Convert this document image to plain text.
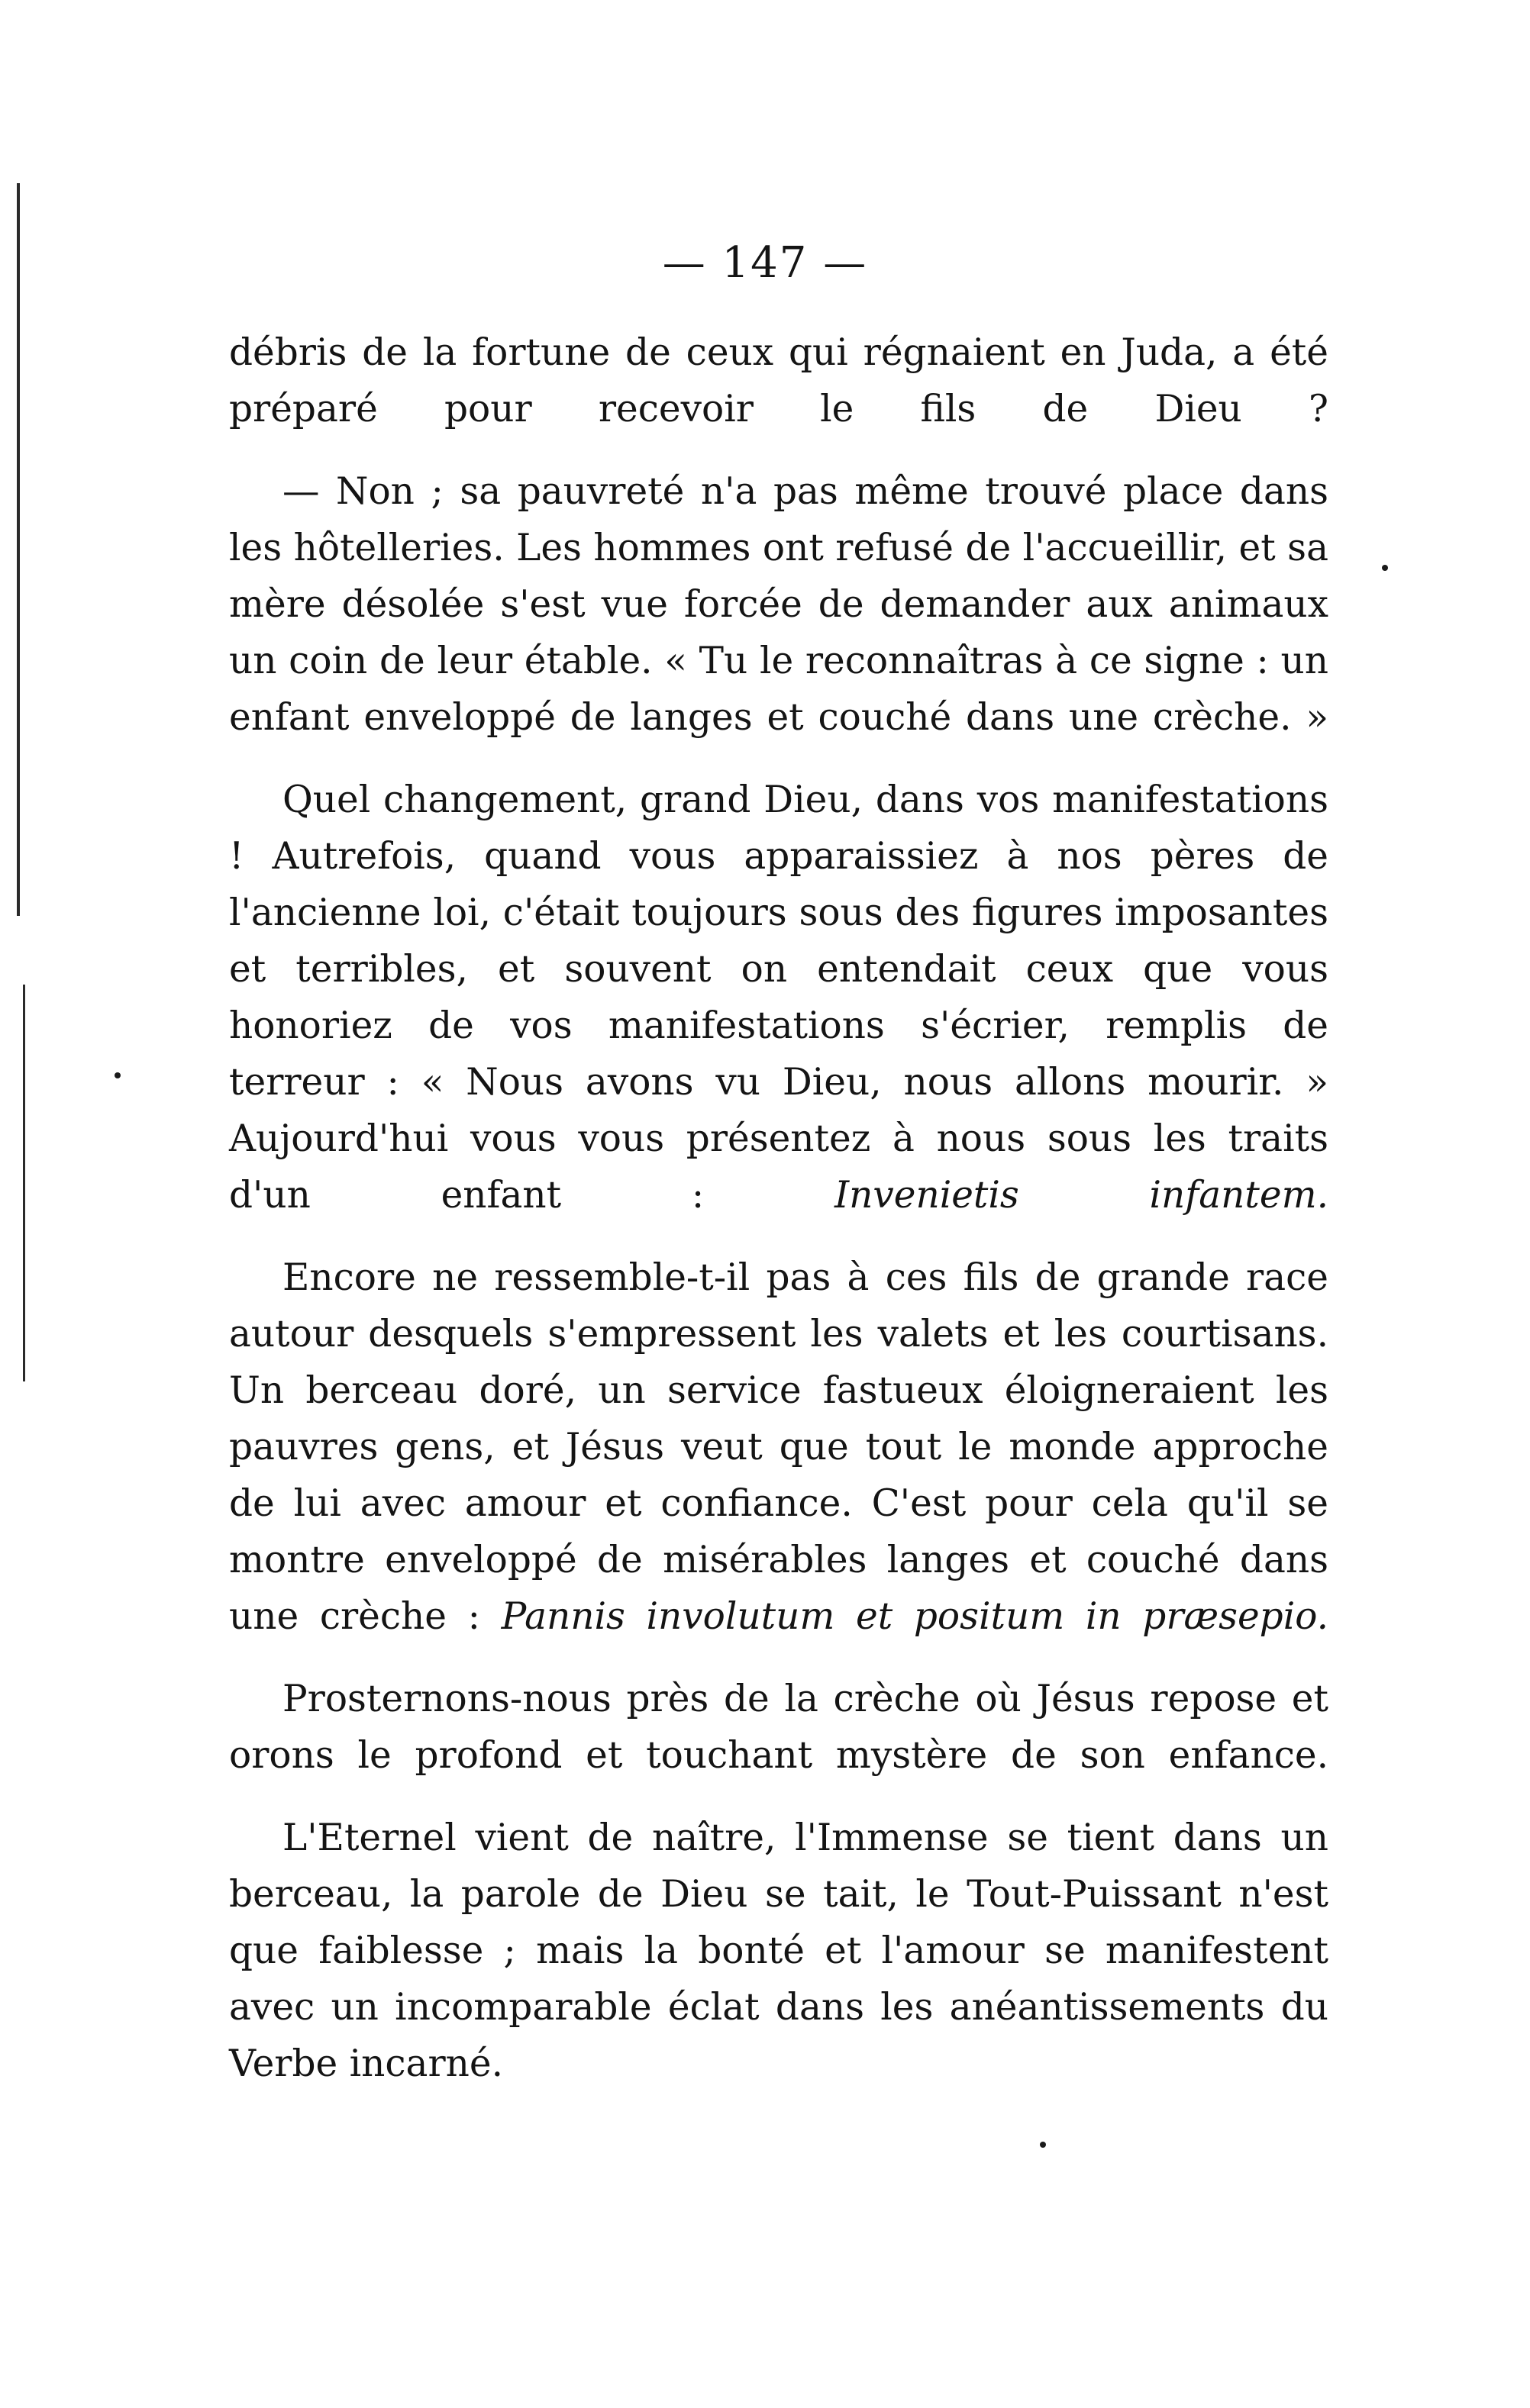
— 147 —

débris de la fortune de ceux qui régnaient en Juda, a été préparé pour recevoir le fils de Dieu ?

— Non ; sa pauvreté n'a pas même trouvé place dans les hôtelleries. Les hommes ont refusé de l'accueillir, et sa mère désolée s'est vue forcée de demander aux animaux un coin de leur étable. « Tu le reconnaîtras à ce signe : un enfant enveloppé de langes et couché dans une crèche. »

Quel changement, grand Dieu, dans vos manifestations ! Autrefois, quand vous apparaissiez à nos pères de l'ancienne loi, c'était toujours sous des figures imposantes et terribles, et souvent on entendait ceux que vous honoriez de vos manifestations s'écrier, remplis de terreur : « Nous avons vu Dieu, nous allons mourir. » Aujourd'hui vous vous présentez à nous sous les traits d'un enfant :	Invenietis infantem.

Encore ne ressemble-t-il pas à ces fils de grande race autour desquels s'empressent les valets et les courtisans. Un berceau doré, un service fastueux éloigneraient les pauvres gens, et Jésus veut que tout le monde approche de lui avec amour et confiance. C'est pour cela qu'il se montre enveloppé de misérables langes et couché dans une crèche : Pannis involutum et positum in præsepio.

Prosternons-nous près de la crèche où Jésus repose et orons le profond et touchant mystère de son enfance.

L'Eternel vient de naître, l'Immense se tient dans un berceau, la parole de Dieu se tait, le Tout-Puissant n'est que faiblesse ; mais la bonté et l'amour se manifestent avec un incomparable éclat dans les anéantissements du Verbe incarné.
